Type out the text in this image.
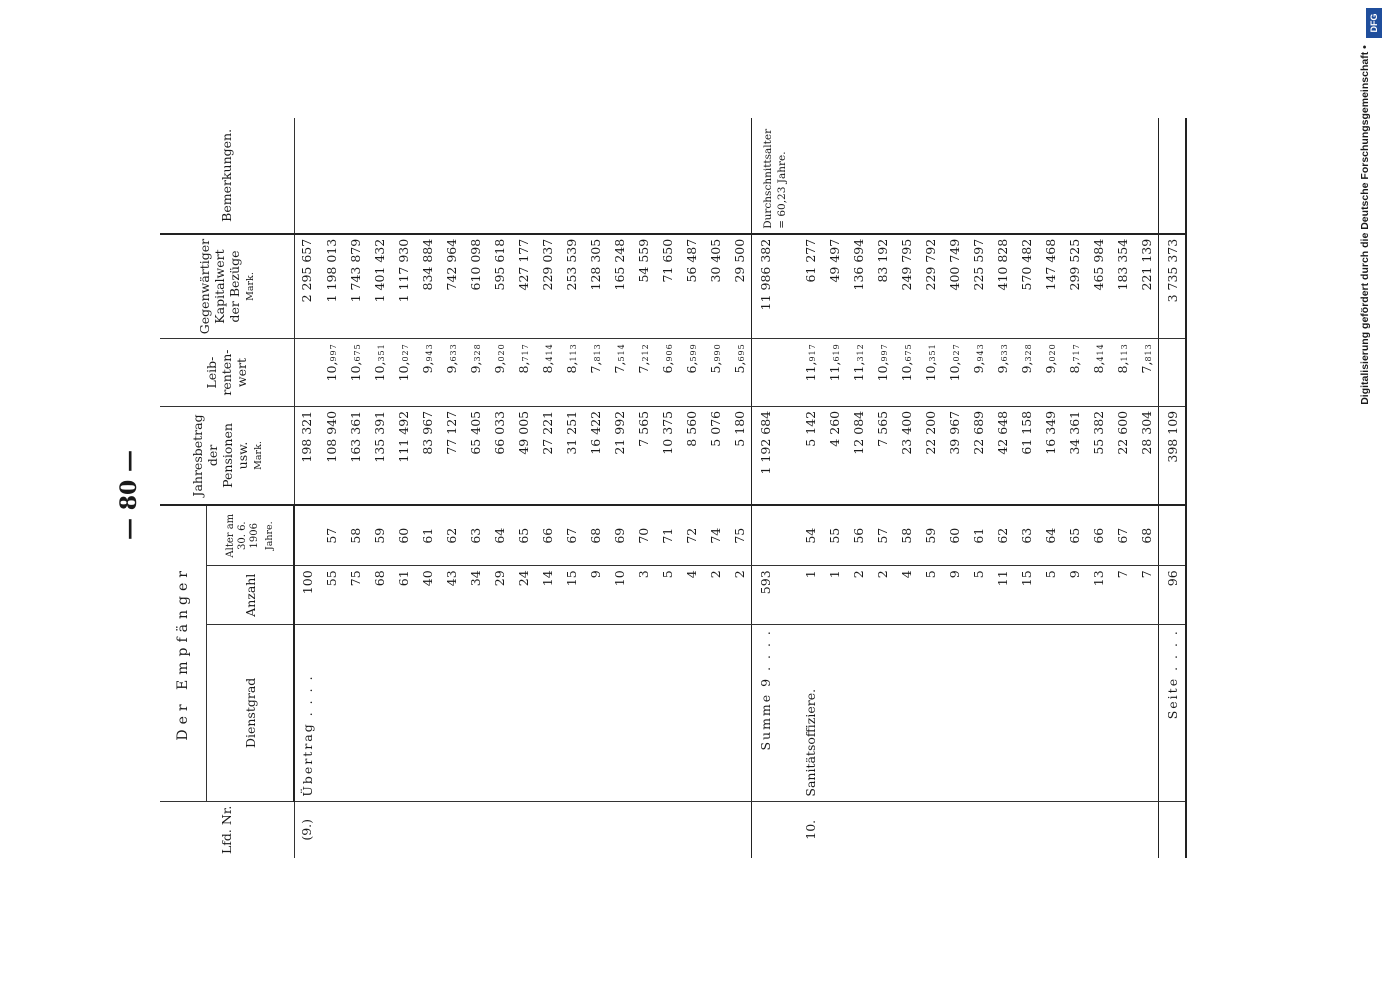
— 80 —
Digitalisierung gefördert durch die Deutsche Forschungsgemeinschaft •
DFG
Lfd. Nr.	Der Empfänger			Jahresbetrag der Pensionen usw. Mark.	Leib- renten- wert	Gegenwärtiger Kapitalwert der Bezüge Mark.	Bemerkungen.
	Dienstgrad	Anzahl	Alter am 30. 6. 1906 Jahre.				

(9.)	Übertrag . . . .	100		198 321		2 295 657	
		55	57	108 940	10,997	1 198 013	
		75	58	163 361	10,675	1 743 879	
		68	59	135 391	10,351	1 401 432	
		61	60	111 492	10,027	1 117 930	
		40	61	83 967	9,943	834 884	
		43	62	77 127	9,633	742 964	
		34	63	65 405	9,328	610 098	
		29	64	66 033	9,020	595 618	
		24	65	49 005	8,717	427 177	
		14	66	27 221	8,414	229 037	
		15	67	31 251	8,113	253 539	
		9	68	16 422	7,813	128 305	
		10	69	21 992	7,514	165 248	
		3	70	7 565	7,212	54 559	
		5	71	10 375	6,906	71 650	
		4	72	8 560	6,599	56 487	
		2	74	5 076	5,990	30 405	
		2	75	5 180	5,695	29 500	
	Summe 9 . . . .	593		1 192 684		11 986 382	Durchschnittsalter = 60,23 Jahre.

10.	Sanitätsoffiziere.	1	54	5 142	11,917	61 277	
		1	55	4 260	11,619	49 497	
		2	56	12 084	11,312	136 694	
		2	57	7 565	10,997	83 192	
		4	58	23 400	10,675	249 795	
		5	59	22 200	10,351	229 792	
		9	60	39 967	10,027	400 749	
		5	61	22 689	9,943	225 597	
		11	62	42 648	9,633	410 828	
		15	63	61 158	9,328	570 482	
		5	64	16 349	9,020	147 468	
		9	65	34 361	8,717	299 525	
		13	66	55 382	8,414	465 984	
		7	67	22 600	8,113	183 354	
		7	68	28 304	7,813	221 139	
	Seite . . . .	96		398 109		3 735 373	
